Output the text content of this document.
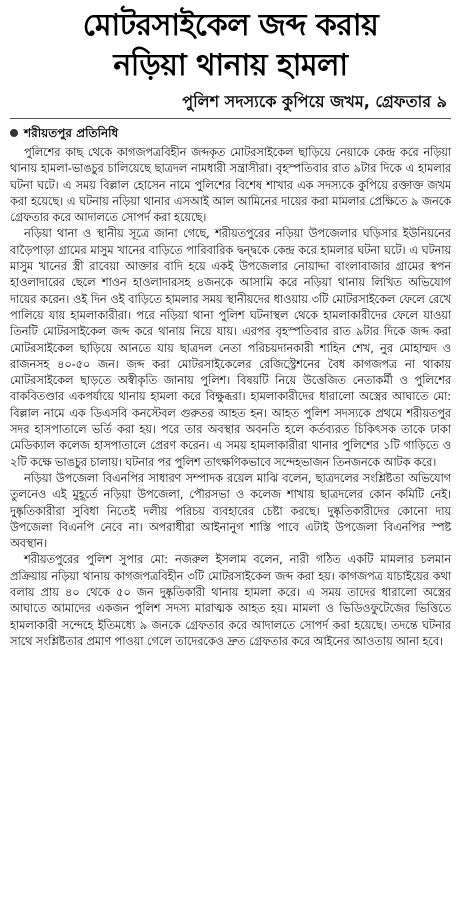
মোটরসাইকেল জব্দ করায়
নড়িয়া থানায় হামলা
পুলিশ সদস্যকে কুপিয়ে জখম, গ্রেফতার ৯
শরীয়তপুর প্রতিনিধি

পুলিশের কাছ থেকে কাগজপত্রবিহীন জব্দকৃত মোটরসাইকেল ছাড়িয়ে নেয়াকে কেন্দ্র করে নড়িয়া থানায় হামলা-ভাঙচুর চালিয়েছে ছাত্রদল নামধারী সন্ত্রাসীরা। বৃহস্পতিবার রাত ৯টার দিকে এ হামলার ঘটনা ঘটে। এ সময় বিল্লাল হোসেন নামে পুলিশের বিশেষ শাখার এক সদস্যকে কুপিয়ে রক্তাক্ত জখম করা হয়েছে। এ ঘটনায় নড়িয়া থানার এসআই আল আমিনের দায়ের করা মামলার প্রেক্ষিতে ৯ জনকে গ্রেফতার করে আদালতে সোপর্দ করা হয়েছে।

নড়িয়া থানা ও স্থানীয় সূত্রে জানা গেছে, শরীয়তপুরের নড়িয়া উপজেলার ঘড়িসার ইউনিয়নের বাড়ৈপাড়া গ্রামের মাসুম খানের বাড়িতে পারিবারিক দ্বন্দ্বকে কেন্দ্র করে হামলার ঘটনা ঘটে। এ ঘটনায় মাসুম খানের স্ত্রী রাবেয়া আক্তার বাদি হয়ে একই উপজেলার নোয়াদ্দা বাংলাবাজার গ্রামের স্বপন হাওলাদারের ছেলে শাওন হাওলাদারসহ ৪জনকে আসামি করে নড়িয়া থানায় লিখিত অভিযোগ দায়ের করেন। ওই দিন ওই বাড়িতে হামলার সময় স্থানীয়দের ধাওয়ায় ৩টি মোটরসাইকেল ফেলে রেখে পালিয়ে যায় হামলাকারীরা। পরে নড়িয়া থানা পুলিশ ঘটনাস্থল থেকে হামলাকারীদের ফেলে যাওয়া তিনটি মোটরসাইকেল জব্দ করে থানায় নিয়ে যায়। এরপর বৃহস্পতিবার রাত ৯টার দিকে জব্দ করা মোটরসাইকেল ছাড়িয়ে আনতে যায় ছাত্রদল নেতা পরিচয়দানকারী শাহিন শেখ, নুর মোহাম্মদ ও রাজনসহ ৪০-৫০ জন। জব্দ করা মোটরসাইকেলের রেজিস্ট্রেশনের বৈধ কাগজপত্র না থাকায় মোটরসাইকেল ছাড়তে অস্বীকৃতি জানায় পুলিশ। বিষয়টি নিয়ে উত্তেজিত নেতাকর্মী ও পুলিশের বাকবিতণ্ডার একপর্যায়ে থানায় হামলা করে বিক্ষুব্ধরা। হামলাকারীদের ধারালো অস্ত্রের আঘাতে মো: বিল্লাল নামে এক ডিএসবি কনস্টেবল গুরুতর আহত হন। আহত পুলিশ সদস্যকে প্রথমে শরীয়তপুর সদর হাসপাতালে ভর্তি করা হয়। পরে তার অবস্থার অবনতি হলে কর্তব্যরত চিকিৎসক তাকে ঢাকা মেডিক্যাল কলেজ হাসপাতালে প্রেরণ করেন। এ সময় হামলাকারীরা থানার পুলিশের ১টি গাড়িতে ও ২টি কক্ষে ভাঙচুর চালায়। ঘটনার পর পুলিশ তাৎক্ষণিকভাবে সন্দেহভাজন তিনজনকে আটক করে।

নড়িয়া উপজেলা বিএনপির সাধারণ সম্পাদক রয়েল মাঝি বলেন, ছাত্রদলের সংশ্লিষ্টতা অভিযোগ তুলনেও এই মুহূর্তে নড়িয়া উপজেলা, পৌরসভা ও কলেজ শাখায় ছাত্রদলের কোন কমিটি নেই। দুষ্কৃতিকারীরা সুবিধা নিতেই দলীয় পরিচয় ব্যবহারের চেষ্টা করছে। দুষ্কৃতিকারীদের কোনো দায় উপজেলা বিএনপি নেবে না। অপরাধীরা আইনানুগ শাস্তি পাবে এটাই উপজেলা বিএনপির স্পষ্ট অবস্থান।

শরীয়তপুরের পুলিশ সুপার মো: নজরুল ইসলাম বলেন, নারী গঠিত একটি মামলার চলমান প্রক্রিয়ায় নড়িয়া থানায় কাগজপত্রবিহীন ৩টি মোটরসাইকেল জব্দ করা হয়। কাগজপত্র যাচাইয়ের কথা বলায় প্রায় ৪০ থেকে ৫০ জন দুষ্কৃতিকারী থানায় হামলা করে। এ সময় তাদের ধারালো অস্ত্রের আঘাতে আমাদের একজন পুলিশ সদস্য মারাত্মক আহত হয়। মামলা ও ভিডিওফুটেজের ভিত্তিতে হামলাকারী সন্দেহে ইতিমধ্যে ৯ জনকে গ্রেফতার করে আদালতে সোপর্দ করা হয়েছে। তদন্তে ঘটনার সাথে সংশ্লিষ্টতার প্রমাণ পাওয়া গেলে তাদেরকেও দ্রুত গ্রেফতার করে আইনের আওতায় আনা হবে।
